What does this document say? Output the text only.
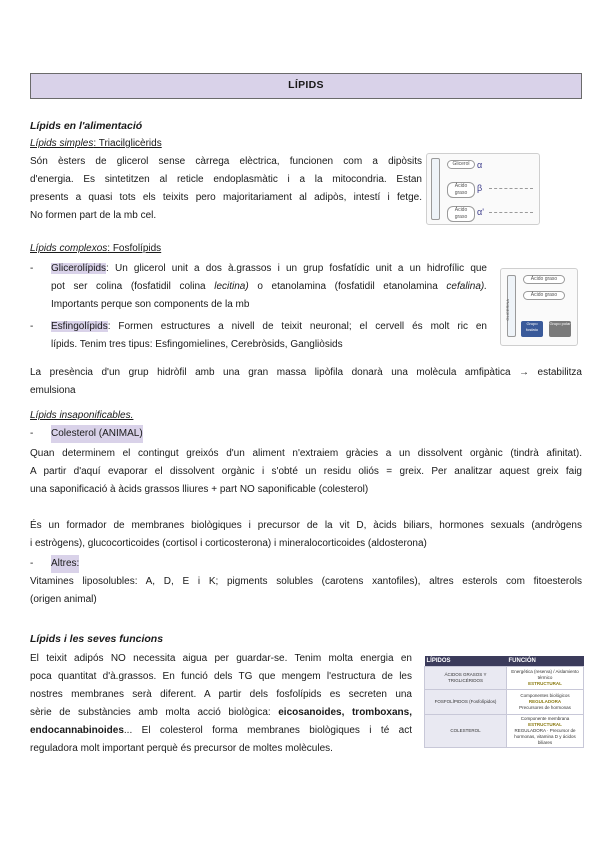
LÍPIDS
Lípids en l'alimentació
Lípids simples: Triacilglicèrids
Són èsters de glicerol sense càrrega elèctrica, funcionen com a dipòsits
d'energia. Es sintetitzen al reticle endoplasmàtic i a la mitocondria. Estan
presents a quasi tots els teixits pero majoritariament al adipòs, intestí i fetge.
No formen part de la mb cel.
Glicerol
Ácido graso
Ácido graso
α
β
α'
Lípids complexos: Fosfolípids
- Glicerolípids: Un glicerol unit a dos à.grassos i un grup fosfatídic unit a un hidrofílic que
pot ser colina (fosfatidil colina lecitina) o etanolamina (fosfatidil etanolamina cefalina).
Importants perque son components de la mb
- Esfingolípids: Formen estructures a nivell de teixit neuronal; el cervell és molt ric en
lípids. Tenim tres tipus: Esfingomielines, Cerebròsids, Gangliòsids
GLICERINA
Ácido graso
Ácido graso
Grupo fosfato
Grupo polar
La presència d'un grup hidròfil amb una gran massa lipòfila donarà una molècula amfipàtica → estabilitza
emulsiona
Lípids insaponificables.
- Colesterol (ANIMAL)
Quan determinem el contingut greixós d'un aliment n'extraiem gràcies a un dissolvent orgànic (tindrà afinitat).
A partir d'aquí evaporar el dissolvent orgànic i s'obté un residu oliós = greix. Per analitzar aquest greix faig
una saponificació à àcids grassos lliures + part NO saponificable (colesterol)
És un formador de membranes biològiques i precursor de la vit D, àcids biliars, hormones sexuals (andrògens
i estrògens), glucocorticoides (cortisol i corticosterona) i mineralocorticoides (aldosterona)
- Altres:
Vitamines liposolubles: A, D, E i K; pigments solubles (carotens xantofiles), altres esterols com fitoesterols
(origen animal)
Lípids i les seves funcions
El teixit adipós NO necessita aigua per guardar-se. Tenim molta energia en
poca quantitat d'à.grassos. En funció dels TG que mengem l'estructura de les
nostres membranes serà diferent. A partir dels fosfolípids es secreten una
sèrie de substàncies amb molta acció biològica: eicosanoides, tromboxans,
endocannabinoides... El colesterol forma membranes biològiques i té act
reguladora molt important perquè és precursor de moltes molècules.
LÍPIDOS	FUNCIÓN
ÁCIDOS GRASOS Y TRIGLICÉRIDOS	Energética (reserva) / Aislamiento térmico
ESTRUCTURAL

FOSFOLÍPIDOS (Fosfolípidos)	Componentes biológicos
REGULADORA
Precursores de hormonas

COLESTEROL	Componente membrana
ESTRUCTURAL
REGULADORA · Precursor de hormonas, vitamina D y ácidos biliares
